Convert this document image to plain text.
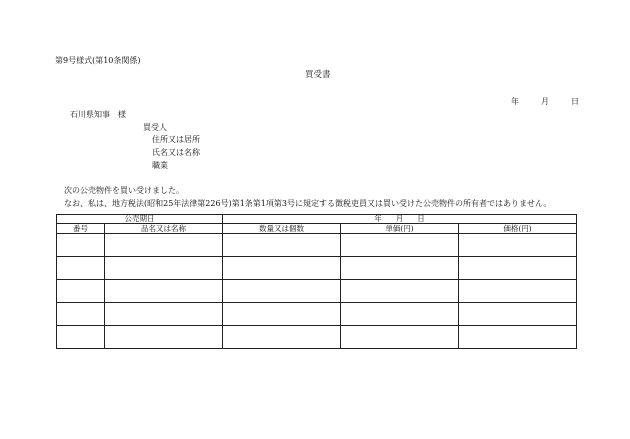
第9号様式(第10条関係)
買受書
年	月	日
石川県知事　様
買受人
住所又は居所
氏名又は名称
職業
次の公売物件を買い受けました。
なお、私は、地方税法(昭和25年法律第226号)第1条第1項第3号に規定する徴税吏員又は買い受けた公売物件の所有者ではありません。
公売期日		年 月 日		
番号	品名又は名称	数量又は個数	単価(円)	価格(円)
